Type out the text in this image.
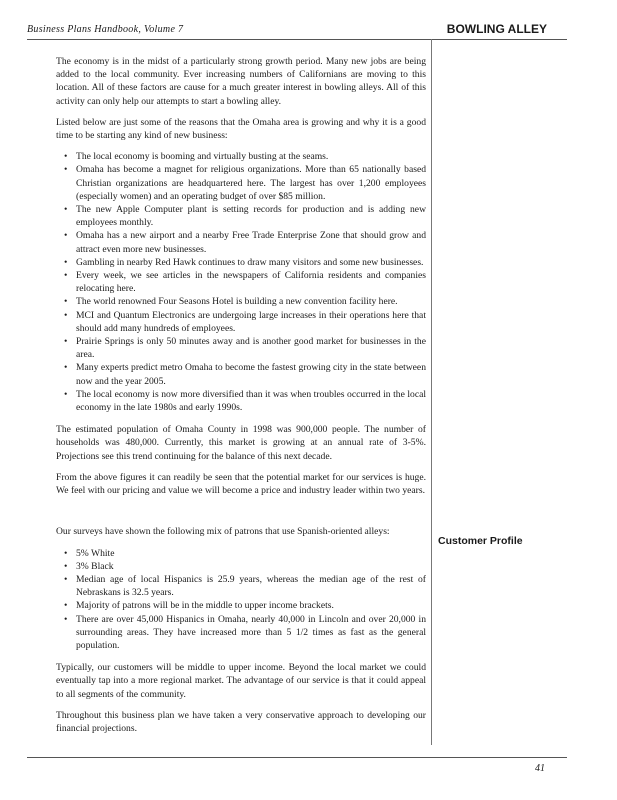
Business Plans Handbook, Volume 7	BOWLING ALLEY

The economy is in the midst of a particularly strong growth period. Many new jobs are being added to the local community. Ever increasing numbers of Californians are moving to this location. All of these factors are cause for a much greater interest in bowling alleys. All of this activity can only help our attempts to start a bowling alley.

Listed below are just some of the reasons that the Omaha area is growing and why it is a good time to be starting any kind of new business:

• The local economy is booming and virtually busting at the seams.
• Omaha has become a magnet for religious organizations. More than 65 nationally based Christian organizations are headquartered here. The largest has over 1,200 employees (especially women) and an operating budget of over $85 million.
• The new Apple Computer plant is setting records for production and is adding new employees monthly.
• Omaha has a new airport and a nearby Free Trade Enterprise Zone that should grow and attract even more new businesses.
• Gambling in nearby Red Hawk continues to draw many visitors and some new businesses.
• Every week, we see articles in the newspapers of California residents and companies relocating here.
• The world renowned Four Seasons Hotel is building a new convention facility here.
• MCI and Quantum Electronics are undergoing large increases in their operations here that should add many hundreds of employees.
• Prairie Springs is only 50 minutes away and is another good market for businesses in the area.
• Many experts predict metro Omaha to become the fastest growing city in the state between now and the year 2005.
• The local economy is now more diversified than it was when troubles occurred in the local economy in the late 1980s and early 1990s.

The estimated population of Omaha County in 1998 was 900,000 people. The number of households was 480,000. Currently, this market is growing at an annual rate of 3-5%. Projections see this trend continuing for the balance of this next decade.

From the above figures it can readily be seen that the potential market for our services is huge. We feel with our pricing and value we will become a price and industry leader within two years.

Our surveys have shown the following mix of patrons that use Spanish-oriented alleys:

• 5% White
• 3% Black
• Median age of local Hispanics is 25.9 years, whereas the median age of the rest of Nebraskans is 32.5 years.
• Majority of patrons will be in the middle to upper income brackets.
• There are over 45,000 Hispanics in Omaha, nearly 40,000 in Lincoln and over 20,000 in surrounding areas. They have increased more than 5 1/2 times as fast as the general population.

Typically, our customers will be middle to upper income. Beyond the local market we could eventually tap into a more regional market. The advantage of our service is that it could appeal to all segments of the community.

Throughout this business plan we have taken a very conservative approach to developing our financial projections.

Customer Profile
41
